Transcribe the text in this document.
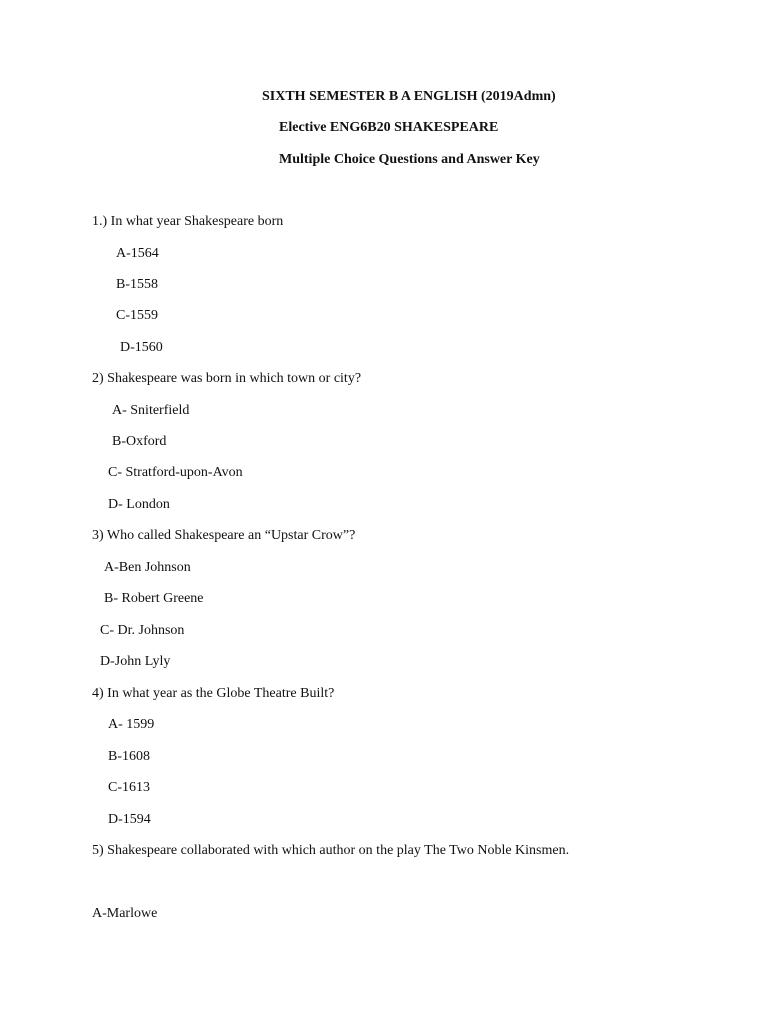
SIXTH SEMESTER B A ENGLISH (2019Admn)
Elective ENG6B20 SHAKESPEARE
Multiple Choice Questions and Answer Key
1.) In what year Shakespeare born
A-1564
B-1558
C-1559
D-1560
2) Shakespeare was born in which town or city?
A- Sniterfield
B-Oxford
C- Stratford-upon-Avon
D- London
3) Who called Shakespeare an “Upstar Crow”?
A-Ben Johnson
B- Robert Greene
C- Dr. Johnson
D-John Lyly
4) In what year as the Globe Theatre Built?
A- 1599
B-1608
C-1613
D-1594
5) Shakespeare collaborated with which author on the play The Two Noble Kinsmen.
A-Marlowe
